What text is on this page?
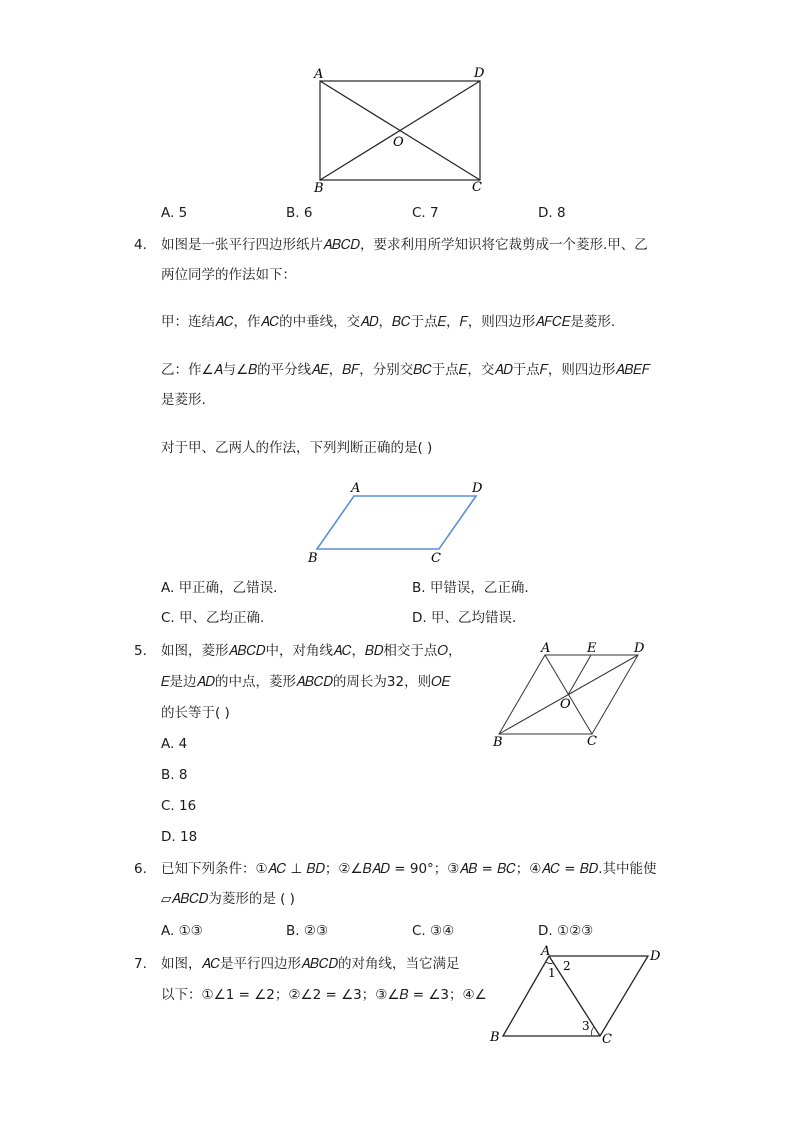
A	D
B	C
O
A. 5	B. 6	C. 7	D. 8
4. 如图是一张平行四边形纸片𝐴𝐵𝐶𝐷，要求利用所学知识将它裁剪成一个菱形.甲、乙
两位同学的作法如下：
甲：连结𝐴𝐶，作𝐴𝐶的中垂线，交𝐴𝐷，𝐵𝐶于点𝐸，𝐹，则四边形𝐴𝐹𝐶𝐸是菱形.
乙：作∠𝐴与∠𝐵的平分线𝐴𝐸，𝐵𝐹，分别交𝐵𝐶于点𝐸，交𝐴𝐷于点𝐹，则四边形𝐴𝐵𝐸𝐹
是菱形.
对于甲、乙两人的作法，下列判断正确的是( )
A	D
B	C
A. 甲正确，乙错误.	B. 甲错误，乙正确.
C. 甲、乙均正确.	D. 甲、乙均错误.
5. 如图，菱形𝐴𝐵𝐶𝐷中，对角线𝐴𝐶，𝐵𝐷相交于点𝑂，
𝐸是边𝐴𝐷的中点，菱形𝐴𝐵𝐶𝐷的周长为32，则𝑂𝐸
的长等于( )
A. 4
B. 8
C. 16
D. 18
A	E	D
O
B	C
6. 已知下列条件：①𝐴𝐶 ⊥ 𝐵𝐷；②∠𝐵𝐴𝐷 = 90°；③𝐴𝐵 = 𝐵𝐶；④𝐴𝐶 = 𝐵𝐷.其中能使
▱𝐴𝐵𝐶𝐷为菱形的是 ( )
A. ①③	B. ②③	C. ③④	D. ①②③
7. 如图，𝐴𝐶是平行四边形𝐴𝐵𝐶𝐷的对角线，当它满足
以下：①∠1 = ∠2；②∠2 = ∠3；③∠𝐵 = ∠3；④∠
A	D
B	C
1 2
3
